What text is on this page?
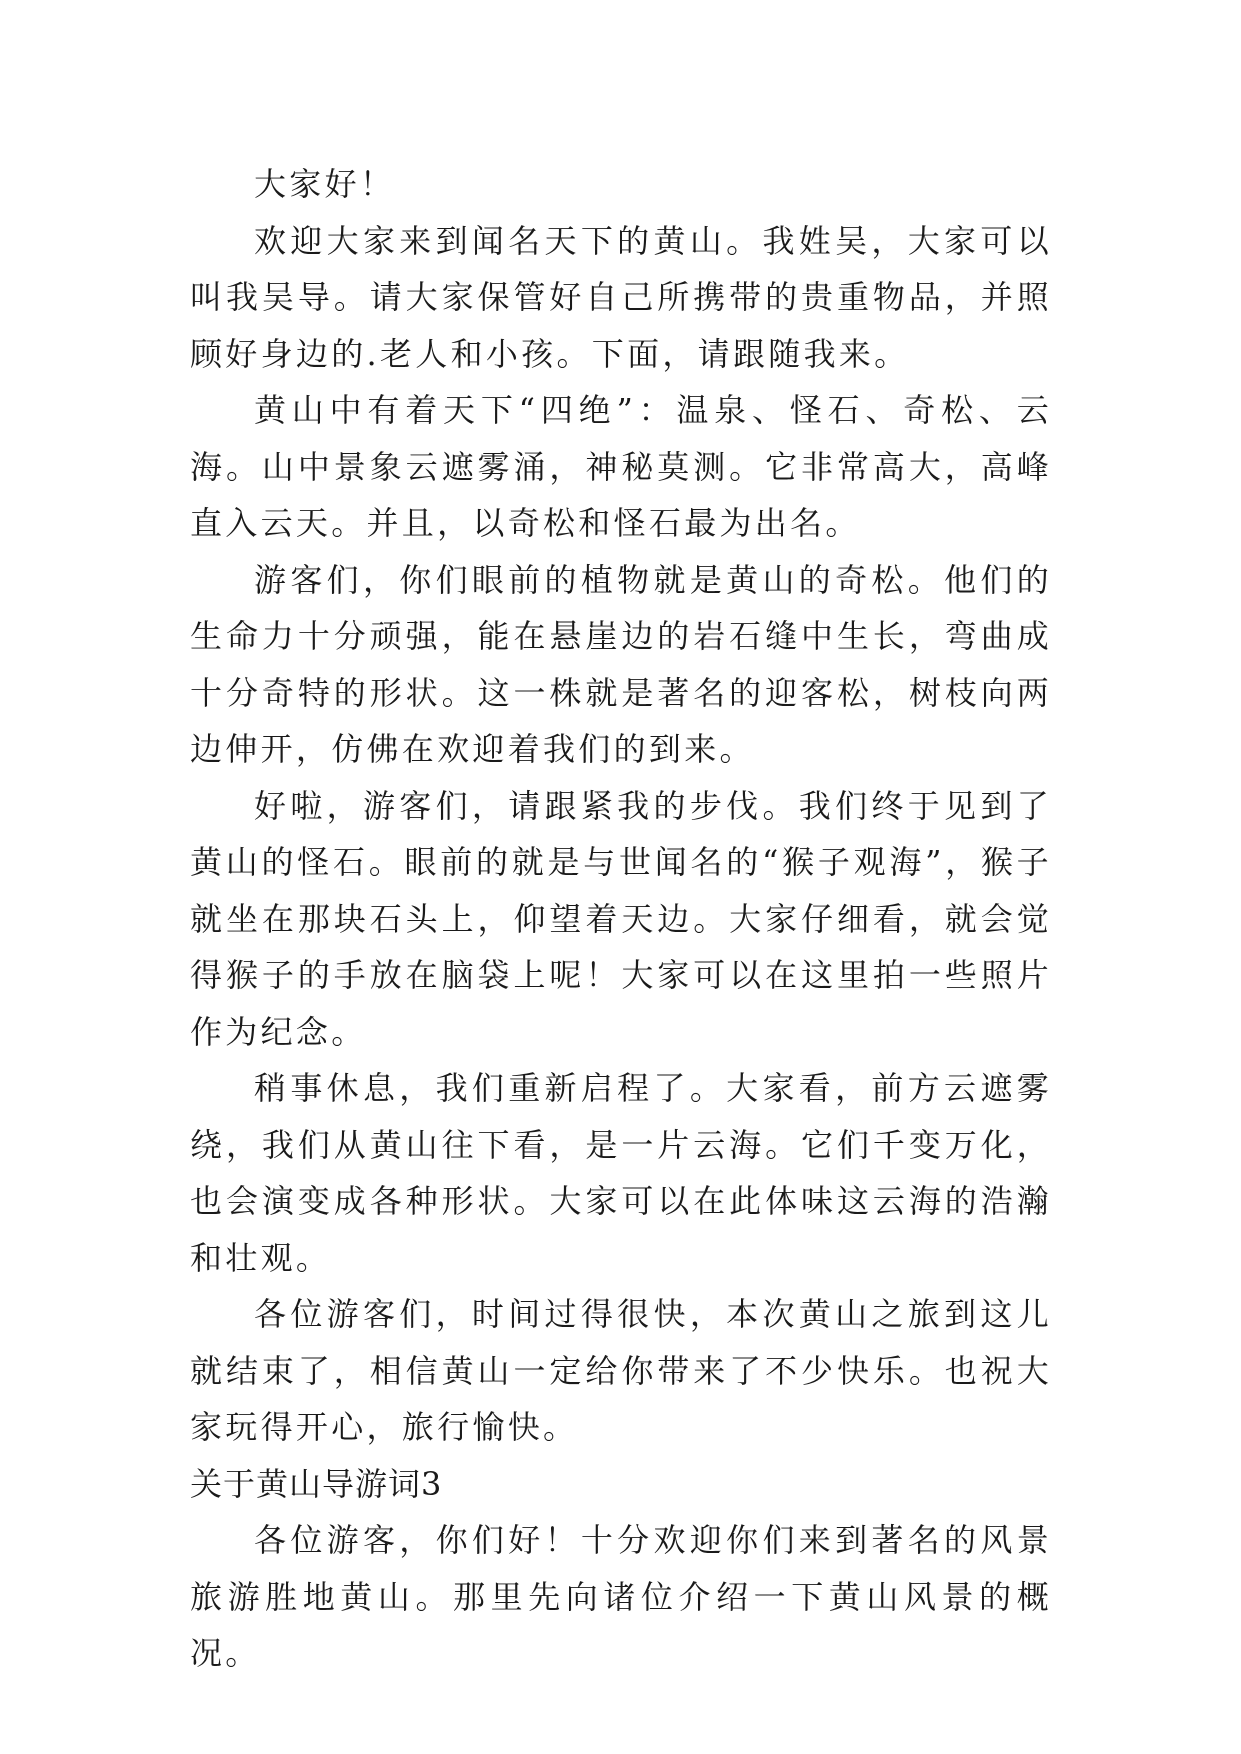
大家好！

欢迎大家来到闻名天下的黄山。我姓吴，大家可以叫我吴导。请大家保管好自己所携带的贵重物品，并照顾好身边的.老人和小孩。下面，请跟随我来。

黄山中有着天下“四绝”：温泉、怪石、奇松、云海。山中景象云遮雾涌，神秘莫测。它非常高大，高峰直入云天。并且，以奇松和怪石最为出名。

游客们，你们眼前的植物就是黄山的奇松。他们的生命力十分顽强，能在悬崖边的岩石缝中生长，弯曲成十分奇特的形状。这一株就是著名的迎客松，树枝向两边伸开，仿佛在欢迎着我们的到来。

好啦，游客们，请跟紧我的步伐。我们终于见到了黄山的怪石。眼前的就是与世闻名的“猴子观海”，猴子就坐在那块石头上，仰望着天边。大家仔细看，就会觉得猴子的手放在脑袋上呢！大家可以在这里拍一些照片作为纪念。

稍事休息，我们重新启程了。大家看，前方云遮雾绕，我们从黄山往下看，是一片云海。它们千变万化，也会演变成各种形状。大家可以在此体味这云海的浩瀚和壮观。

各位游客们，时间过得很快，本次黄山之旅到这儿就结束了，相信黄山一定给你带来了不少快乐。也祝大家玩得开心，旅行愉快。

关于黄山导游词3

各位游客，你们好！十分欢迎你们来到著名的风景旅游胜地黄山。那里先向诸位介绍一下黄山风景的概况。
